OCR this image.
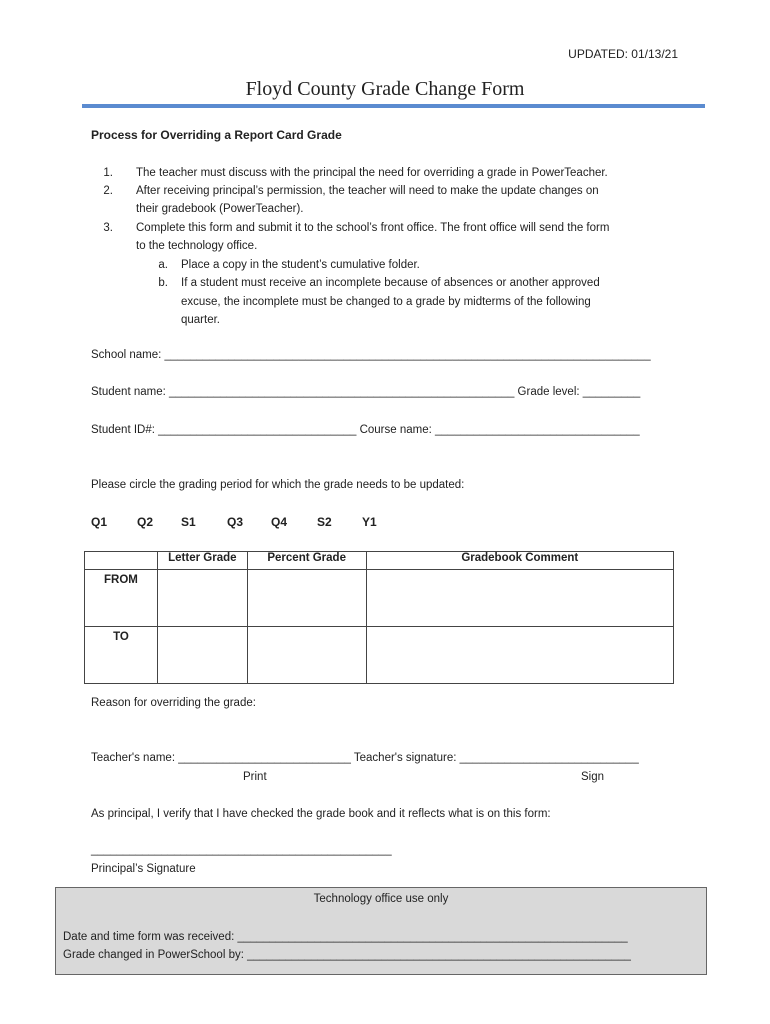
UPDATED: 01/13/21
Floyd County Grade Change Form
Process for Overriding a Report Card Grade
1. The teacher must discuss with the principal the need for overriding a grade in PowerTeacher.
2. After receiving principal’s permission, the teacher will need to make the update changes on
their gradebook (PowerTeacher).
3. Complete this form and submit it to the school’s front office. The front office will send the form
to the technology office.
a. Place a copy in the student’s cumulative folder.
b. If a student must receive an incomplete because of absences or another approved
excuse, the incomplete must be changed to a grade by midterms of the following
quarter.
School name: ____________________________________________________________________________
Student name: ______________________________________________________ Grade level: _________
Student ID#: _______________________________ Course name: ________________________________
Please circle the grading period for which the grade needs to be updated:
Q1 Q2 S1	Q3 Q4 S2	Y1
	Letter Grade	Percent Grade	Gradebook Comment
FROM			
TO			
Reason for overriding the grade:
Teacher's name: ___________________________ Teacher's signature: ____________________________
Print	Sign
As principal, I verify that I have checked the grade book and it reflects what is on this form:
_______________________________________________
Principal’s Signature
Technology office use only
Date and time form was received: _____________________________________________________________
Grade changed in PowerSchool by: ____________________________________________________________
